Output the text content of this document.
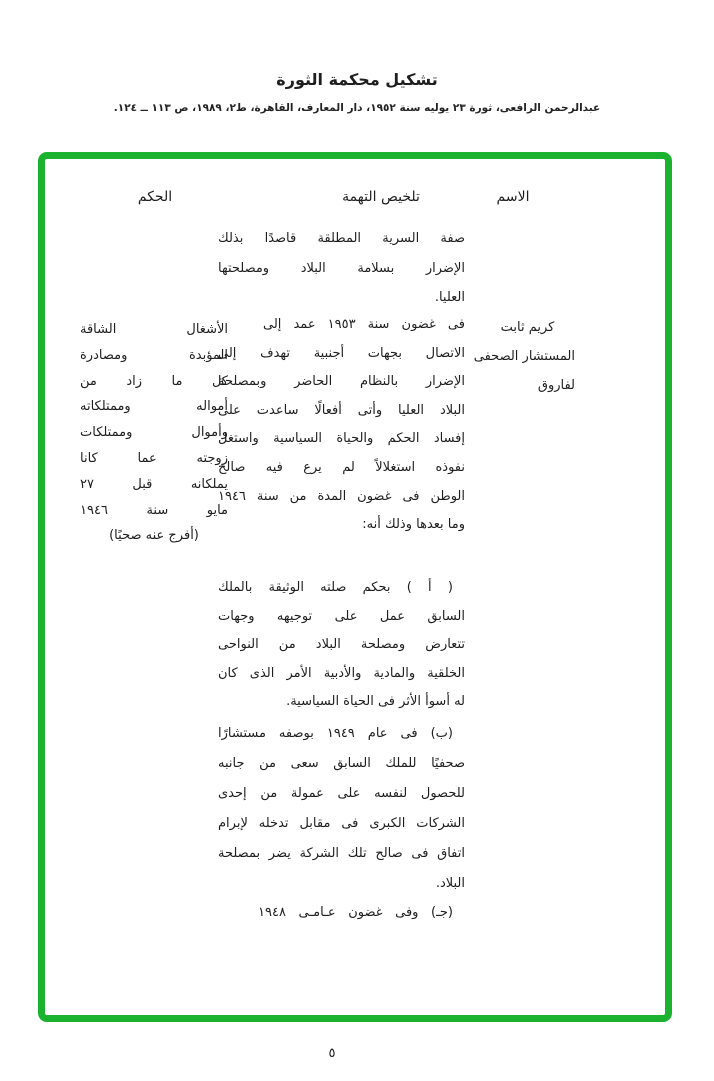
تشكيل محكمة الثورة
عبدالرحمن الرافعى، ثورة ٢٣ يوليه سنة ١٩٥٢، دار المعارف، القاهرة، ط٢، ١٩٨٩، ص ١١٣ ــ ١٢٤.
الاسم
تلخيص التهمة
الحكم
صفة السرية المطلقة قاصدًا بذلك
الإضرار بسلامة البلاد ومصلحتها
العليا.
كريم ثابت
المستشار الصحفى
لفاروق
فى غضون سنة ١٩٥٣ عمد إلى
الاتصال بجهات أجنبية تهدف إلى
الإضرار بالنظام الحاضر وبمصلحة
البلاد العليا وأتى أفعالًا ساعدت على
إفساد الحكم والحياة السياسية واستغل
نفوذه استغلالاً لم يرع فيه صالح
الوطن فى غضون المدة من سنة ١٩٤٦
وما بعدها وذلك أنه:
الأشغال الشاقة
المؤبدة ومصادرة
كل ما زاد من
أمواله وممتلكاته
وأموال وممتلكات
زوجته عما كانا
يملكانه قبل ٢٧
مايو سنة ١٩٤٦
(أفرج عنه صحيًا)
( أ ) بحكم صلته الوثيقة بالملك
السابق عمل على توجيهه وجهات
تتعارض ومصلحة البلاد من النواحى
الخلقية والمادية والأدبية الأمر الذى كان
له أسوأ الأثر فى الحياة السياسية.
(ب) فى عام ١٩٤٩ بوصفه مستشارًا
صحفيًا للملك السابق سعى من جانبه
للحصول لنفسه على عمولة من إحدى
الشركات الكبرى فى مقابل تدخله لإبرام
اتفاق فى صالح تلك الشركة يضر بمصلحة
البلاد.
(جـ) وفى غضون عـامـى ١٩٤٨
٥
